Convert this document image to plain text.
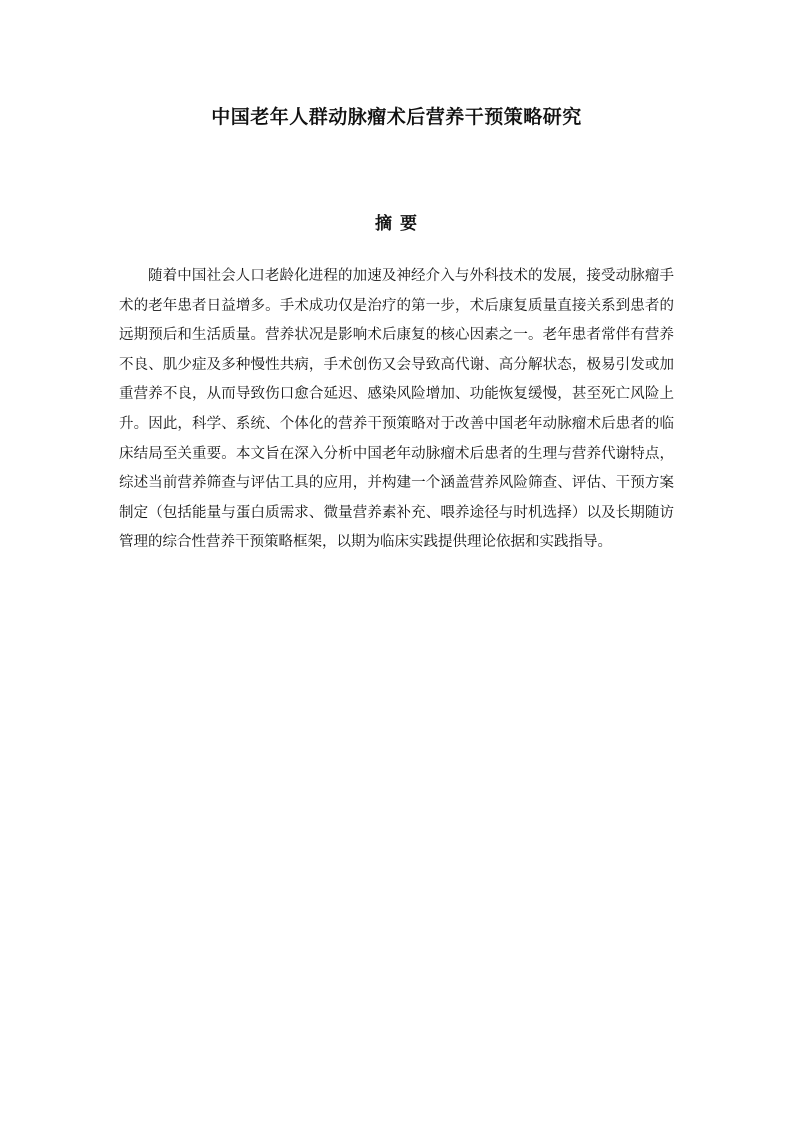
中国老年人群动脉瘤术后营养干预策略研究
摘 要

随着中国社会人口老龄化进程的加速及神经介入与外科技术的发展，接受动脉瘤手术的老年患者日益增多。手术成功仅是治疗的第一步，术后康复质量直接关系到患者的远期预后和生活质量。营养状况是影响术后康复的核心因素之一。老年患者常伴有营养不良、肌少症及多种慢性共病，手术创伤又会导致高代谢、高分解状态，极易引发或加重营养不良，从而导致伤口愈合延迟、感染风险增加、功能恢复缓慢，甚至死亡风险上升。因此，科学、系统、个体化的营养干预策略对于改善中国老年动脉瘤术后患者的临床结局至关重要。本文旨在深入分析中国老年动脉瘤术后患者的生理与营养代谢特点，综述当前营养筛查与评估工具的应用，并构建一个涵盖营养风险筛查、评估、干预方案制定（包括能量与蛋白质需求、微量营养素补充、喂养途径与时机选择）以及长期随访管理的综合性营养干预策略框架，以期为临床实践提供理论依据和实践指导。
